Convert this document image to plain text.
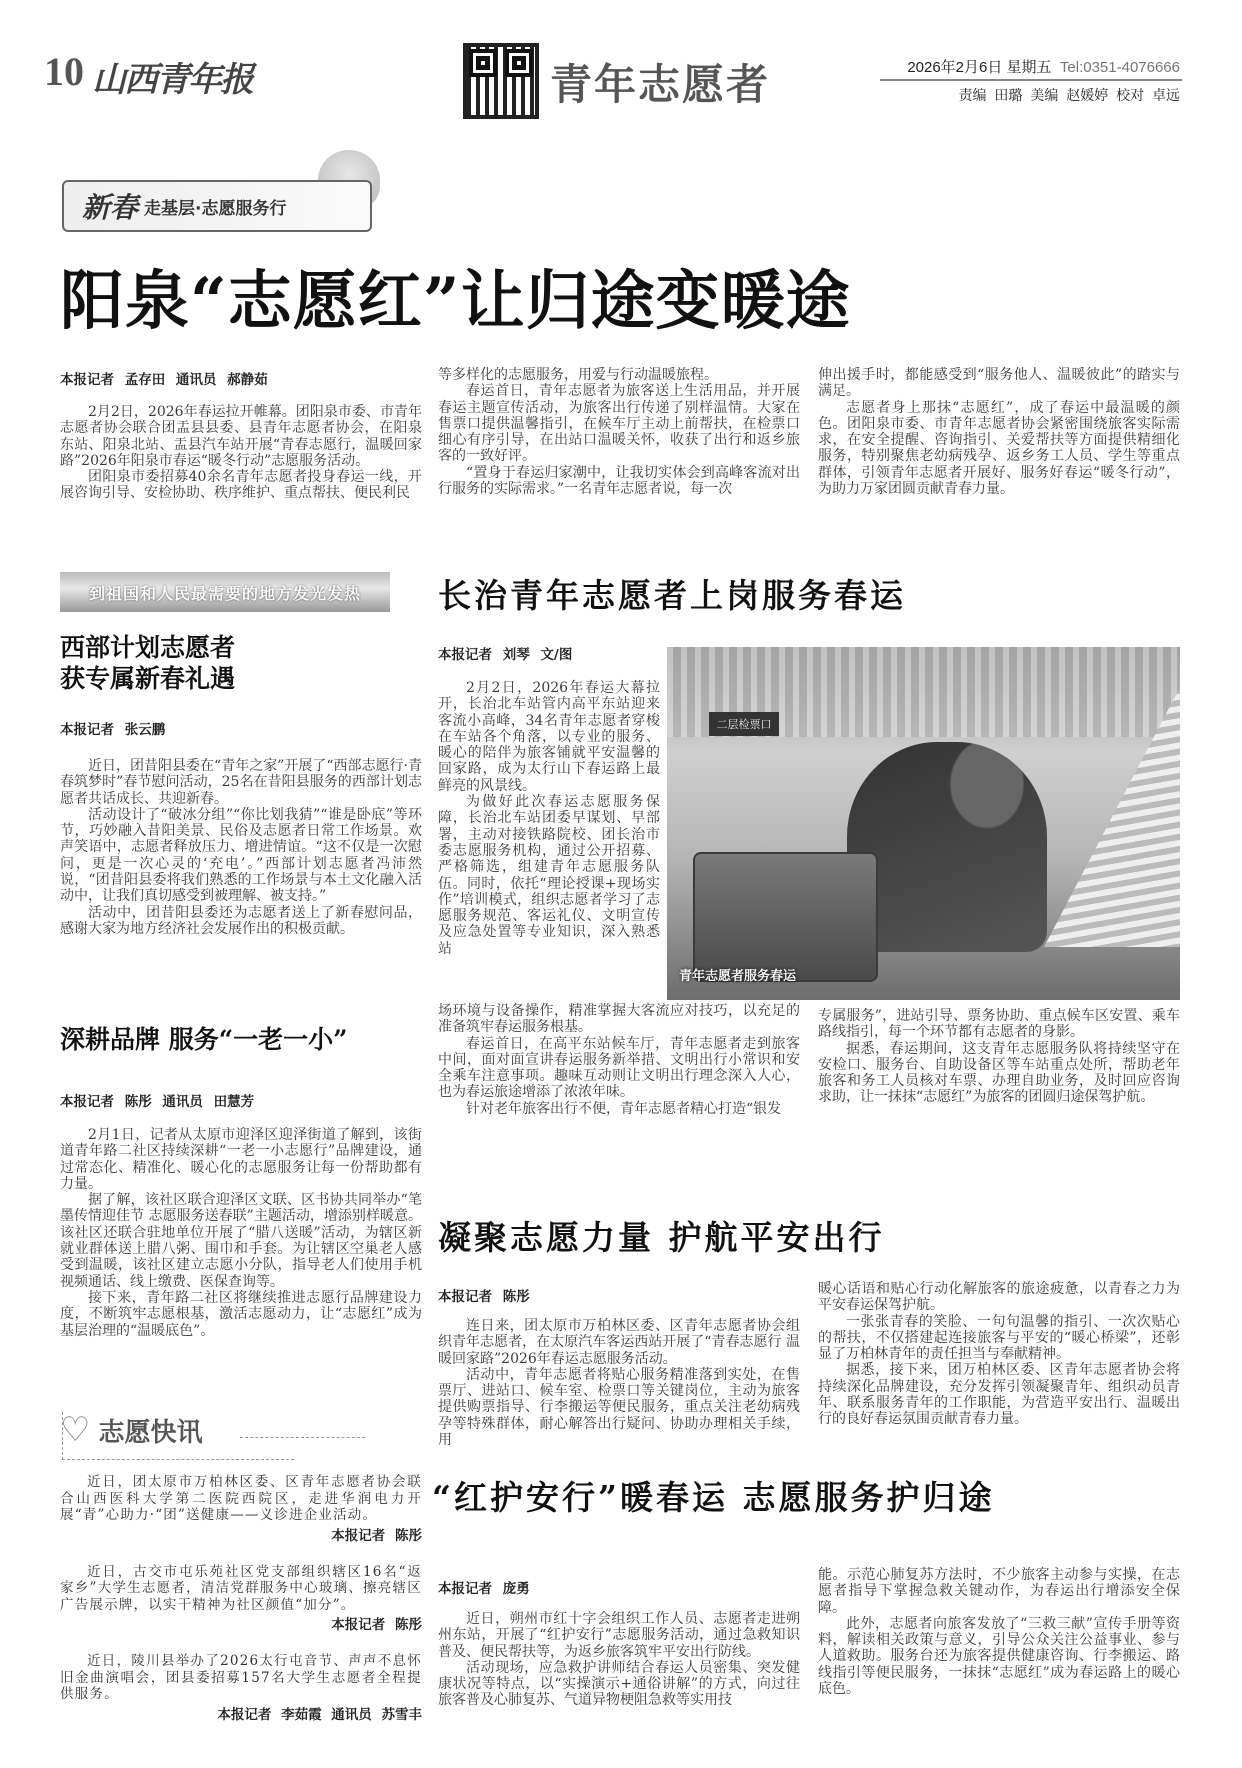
10 山西青年报	青年志愿者	2026年2月6日 星期五 Tel:0351-4076666
责编 田璐 美编 赵媛婷 校对 卓远
新春 走基层·志愿服务行
阳泉“志愿红”让归途变暖途
本报记者 孟存田 通讯员 郝静茹

2月2日，2026年春运拉开帷幕。团阳泉市委、市青年志愿者协会联合团盂县县委、县青年志愿者协会，在阳泉东站、阳泉北站、盂县汽车站开展“青春志愿行，温暖回家路”2026年阳泉市春运“暖冬行动”志愿服务活动。

团阳泉市委招募40余名青年志愿者投身春运一线，开展咨询引导、安检协助、秩序维护、重点帮扶、便民利民

等多样化的志愿服务，用爱与行动温暖旅程。

春运首日，青年志愿者为旅客送上生活用品，并开展春运主题宣传活动，为旅客出行传递了别样温情。大家在售票口提供温馨指引，在候车厅主动上前帮扶，在检票口细心有序引导，在出站口温暖关怀，收获了出行和返乡旅客的一致好评。

“置身于春运归家潮中，让我切实体会到高峰客流对出行服务的实际需求。”一名青年志愿者说，每一次

伸出援手时，都能感受到“服务他人、温暖彼此”的踏实与满足。

志愿者身上那抹“志愿红”，成了春运中最温暖的颜色。团阳泉市委、市青年志愿者协会紧密围绕旅客实际需求，在安全提醒、咨询指引、关爱帮扶等方面提供精细化服务，特别聚焦老幼病残孕、返乡务工人员、学生等重点群体，引领青年志愿者开展好、服务好春运“暖冬行动”，为助力万家团圆贡献青春力量。

到祖国和人民最需要的地方发光发热
西部计划志愿者
获专属新春礼遇
本报记者 张云鹏

近日，团昔阳县委在“青年之家”开展了“西部志愿行·青春筑梦时”春节慰问活动，25名在昔阳县服务的西部计划志愿者共话成长、共迎新春。

活动设计了“破冰分组”“你比划我猜”“谁是卧底”等环节，巧妙融入昔阳美景、民俗及志愿者日常工作场景。欢声笑语中，志愿者释放压力、增进情谊。“这不仅是一次慰问，更是一次心灵的‘充电’。”西部计划志愿者冯沛然说，“团昔阳县委将我们熟悉的工作场景与本土文化融入活动中，让我们真切感受到被理解、被支持。”

活动中，团昔阳县委还为志愿者送上了新春慰问品，感谢大家为地方经济社会发展作出的积极贡献。

深耕品牌 服务“一老一小”
本报记者 陈彤 通讯员 田慧芳

2月1日，记者从太原市迎泽区迎泽街道了解到，该街道青年路二社区持续深耕“一老一小志愿行”品牌建设，通过常态化、精准化、暖心化的志愿服务让每一份帮助都有力量。

据了解，该社区联合迎泽区文联、区书协共同举办“笔墨传情迎佳节 志愿服务送春联”主题活动，增添别样暖意。该社区还联合驻地单位开展了“腊八送暖”活动，为辖区新就业群体送上腊八粥、围巾和手套。为让辖区空巢老人感受到温暖，该社区建立志愿小分队，指导老人们使用手机视频通话、线上缴费、医保查询等。

接下来，青年路二社区将继续推进志愿行品牌建设力度，不断筑牢志愿根基，激活志愿动力，让“志愿红”成为基层治理的“温暖底色”。

♡ 志愿快讯
近日，团太原市万柏林区委、区青年志愿者协会联合山西医科大学第二医院西院区，走进华润电力开展“青”心助力·“团”送健康——义诊进企业活动。
本报记者 陈彤
近日，古交市屯乐苑社区党支部组织辖区16名“返家乡”大学生志愿者，清洁党群服务中心玻璃、擦亮辖区广告展示牌，以实干精神为社区颜值“加分”。
本报记者 陈彤
近日，陵川县举办了2026太行屯音节、声声不息怀旧金曲演唱会，团县委招募157名大学生志愿者全程提供服务。
本报记者 李茹霞 通讯员 苏雪丰
长治青年志愿者上岗服务春运
本报记者 刘琴 文/图

2月2日，2026年春运大幕拉开，长治北车站管内高平东站迎来客流小高峰，34名青年志愿者穿梭在车站各个角落，以专业的服务、暖心的陪伴为旅客铺就平安温馨的回家路，成为太行山下春运路上最鲜亮的风景线。

为做好此次春运志愿服务保障，长治北车站团委早谋划、早部署，主动对接铁路院校、团长治市委志愿服务机构，通过公开招募、严格筛选，组建青年志愿服务队伍。同时，依托“理论授课+现场实作”培训模式，组织志愿者学习了志愿服务规范、客运礼仪、文明宣传及应急处置等专业知识，深入熟悉站

二层检票口
青年志愿者服务春运

场环境与设备操作，精准掌握大客流应对技巧，以充足的准备筑牢春运服务根基。

春运首日，在高平东站候车厅，青年志愿者走到旅客中间，面对面宣讲春运服务新举措、文明出行小常识和安全乘车注意事项。趣味互动则让文明出行理念深入人心，也为春运旅途增添了浓浓年味。

针对老年旅客出行不便，青年志愿者精心打造“银发

专属服务”，进站引导、票务协助、重点候车区安置、乘车路线指引，每一个环节都有志愿者的身影。

据悉，春运期间，这支青年志愿服务队将持续坚守在安检口、服务台、自助设备区等车站重点处所，帮助老年旅客和务工人员核对车票、办理自助业务，及时回应咨询求助，让一抹抹“志愿红”为旅客的团圆归途保驾护航。

凝聚志愿力量 护航平安出行
本报记者 陈彤

连日来，团太原市万柏林区委、区青年志愿者协会组织青年志愿者，在太原汽车客运西站开展了“青春志愿行 温暖回家路”2026年春运志愿服务活动。

活动中，青年志愿者将贴心服务精准落到实处，在售票厅、进站口、候车室、检票口等关键岗位，主动为旅客提供购票指导、行李搬运等便民服务，重点关注老幼病残孕等特殊群体，耐心解答出行疑问、协助办理相关手续，用

暖心话语和贴心行动化解旅客的旅途疲惫，以青春之力为平安春运保驾护航。

一张张青春的笑脸、一句句温馨的指引、一次次贴心的帮扶，不仅搭建起连接旅客与平安的“暖心桥梁”，还彰显了万柏林青年的责任担当与奉献精神。

据悉，接下来，团万柏林区委、区青年志愿者协会将持续深化品牌建设，充分发挥引领凝聚青年、组织动员青年、联系服务青年的工作职能，为营造平安出行、温暖出行的良好春运氛围贡献青春力量。

“红护安行”暖春运 志愿服务护归途
本报记者 庞勇

近日，朔州市红十字会组织工作人员、志愿者走进朔州东站，开展了“红护安行”志愿服务活动，通过急救知识普及、便民帮扶等，为返乡旅客筑牢平安出行防线。

活动现场，应急救护讲师结合春运人员密集、突发健康状况等特点，以“实操演示+通俗讲解”的方式，向过往旅客普及心肺复苏、气道异物梗阻急救等实用技

能。示范心肺复苏方法时，不少旅客主动参与实操，在志愿者指导下掌握急救关键动作，为春运出行增添安全保障。

此外，志愿者向旅客发放了“三救三献”宣传手册等资料，解读相关政策与意义，引导公众关注公益事业、参与人道救助。服务台还为旅客提供健康咨询、行李搬运、路线指引等便民服务，一抹抹“志愿红”成为春运路上的暖心底色。
